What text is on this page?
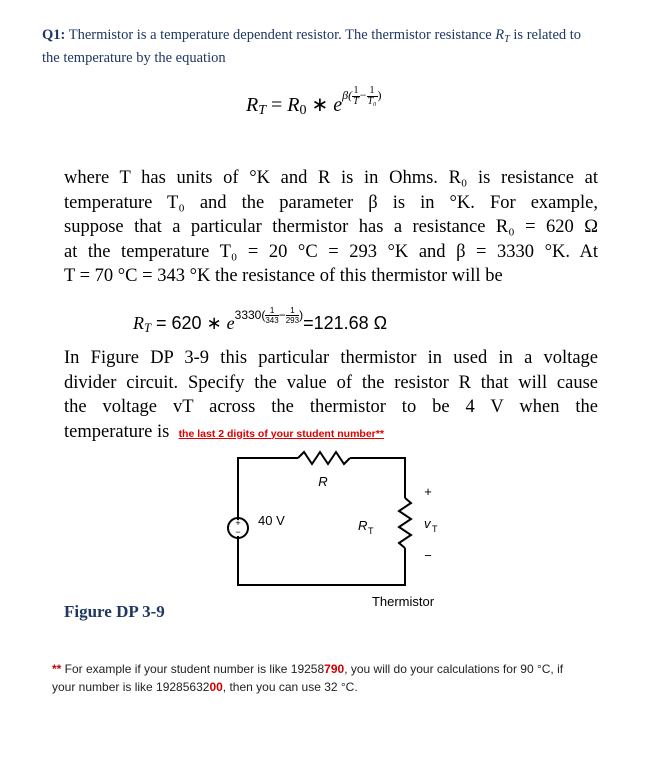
Q1: Thermistor is a temperature dependent resistor. The thermistor resistance $R_T$ is related to
the temperature by the equation
$R_T = R_0$ ∗ $e^{\beta( \frac{1}{T} - \frac{1}{\text{T₀}} )}$
where T has units of °K and R is in Ohms. R₀ is resistance at
temperature T₀ and the parameter β is in °K. For example,
suppose that a particular thermistor has a resistance R₀ = 620 Ω
at the temperature T₀ = 20 °C = 293 °K and β = 3330 °K. At
T = 70 °C = 343 °K the resistance of this thermistor will be
$R_T = 620$ ∗ $e^{3330( \frac{1}{343}- \frac{1}{293})}=121.68$ Ω
In Figure DP 3-9 this particular thermistor in used in a voltage
divider circuit. Specify the value of the resistor R that will cause
the voltage vT across the thermistor to be 4 V when the
temperature is the last 2 digits of your student number**
+
−
40 V
R
R T
+
v T
−
Thermistor
Figure DP 3-9
** For example if your student number is like 19258790, you will do your calculations for 90 °C, if
your number is like 1928563200, then you can use 32 °C.
